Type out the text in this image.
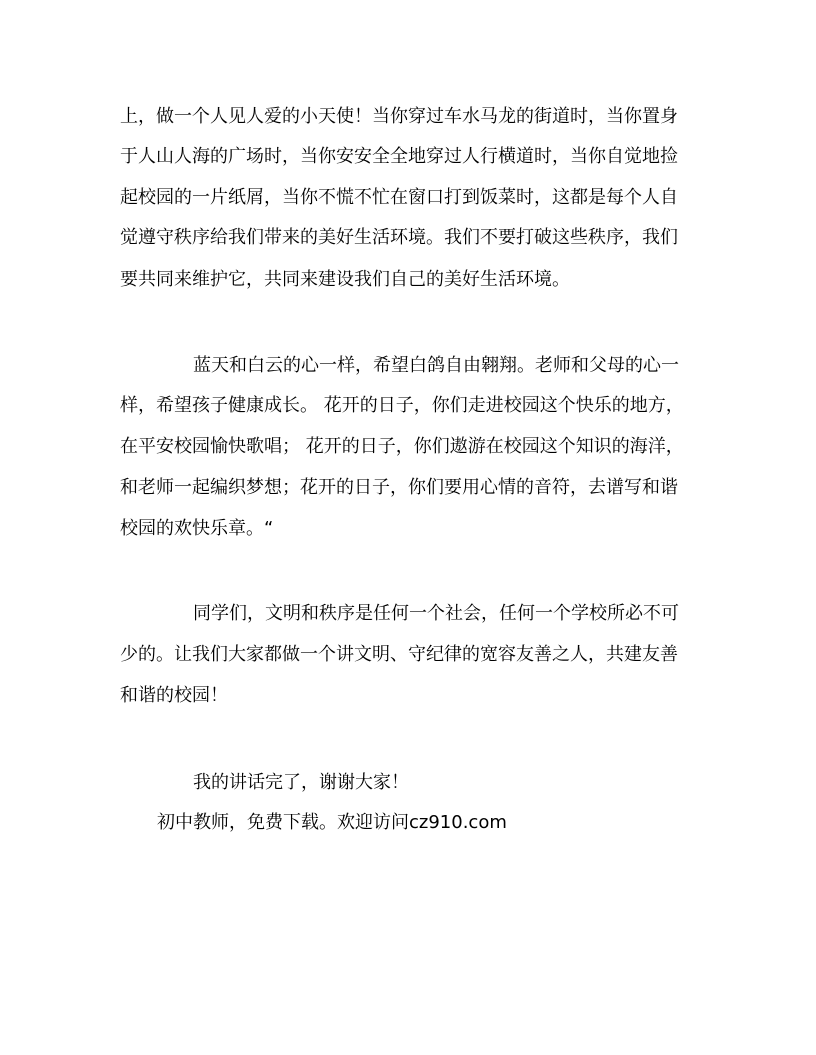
上，做一个人见人爱的小天使！当你穿过车水马龙的街道时，当你置身
于人山人海的广场时，当你安安全全地穿过人行横道时，当你自觉地捡
起校园的一片纸屑，当你不慌不忙在窗口打到饭菜时，这都是每个人自
觉遵守秩序给我们带来的美好生活环境。我们不要打破这些秩序，我们
要共同来维护它，共同来建设我们自己的美好生活环境。
蓝天和白云的心一样，希望白鸽自由翱翔。老师和父母的心一
样，希望孩子健康成长。 花开的日子，你们走进校园这个快乐的地方，
在平安校园愉快歌唱； 花开的日子，你们遨游在校园这个知识的海洋，
和老师一起编织梦想；花开的日子，你们要用心情的音符，去谱写和谐
校园的欢快乐章。“
同学们，文明和秩序是任何一个社会，任何一个学校所必不可
少的。让我们大家都做一个讲文明、守纪律的宽容友善之人，共建友善
和谐的校园！
我的讲话完了，谢谢大家！
初中教师，免费下载。欢迎访问cz910.com
